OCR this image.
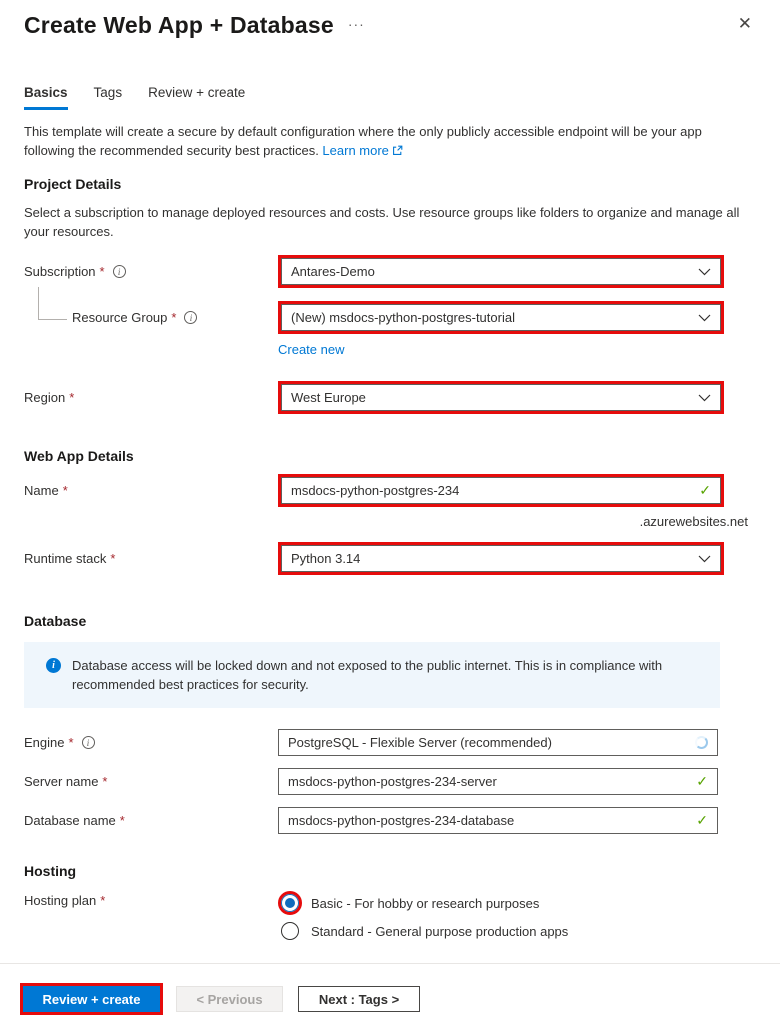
Create Web App + Database ···	✕
Basics Tags Review + create
This template will create a secure by default configuration where the only publicly accessible endpoint will be your app following the recommended security best practices. Learn more
Project Details
Select a subscription to manage deployed resources and costs. Use resource groups like folders to organize and manage all your resources.
Subscription *	i	Antares-Demo
Resource Group *	i	(New) msdocs-python-postgres-tutorial
Create new
Region *	West Europe
Web App Details
Name *	msdocs-python-postgres-234	✓
.azurewebsites.net
Runtime stack *	Python 3.14
Database
i	Database access will be locked down and not exposed to the public internet. This is in compliance with recommended best practices for security.
Engine *	i	PostgreSQL - Flexible Server (recommended)
Server name *	msdocs-python-postgres-234-server	✓
Database name *	msdocs-python-postgres-234-database	✓
Hosting
Hosting plan *	Basic - For hobby or research purposes
Standard - General purpose production apps
Review + create	< Previous	Next : Tags >
